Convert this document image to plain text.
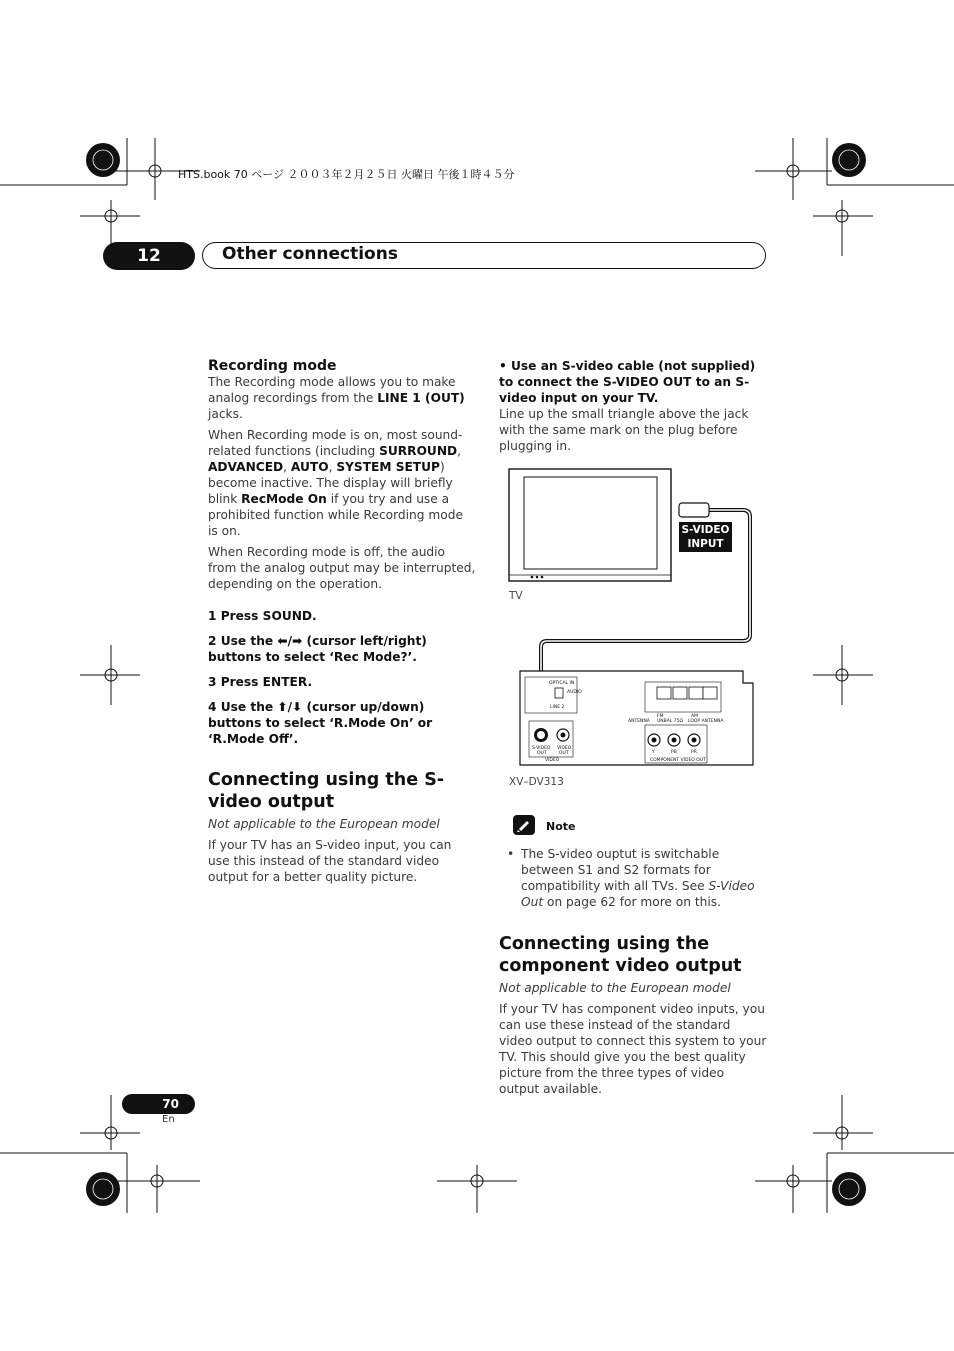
HTS.book 70 ページ ２００３年２月２５日 火曜日 午後１時４５分
12	Other connections
Recording mode

The Recording mode allows you to make analog recordings from the LINE 1 (OUT) jacks.

When Recording mode is on, most sound-related functions (including SURROUND, ADVANCED, AUTO, SYSTEM SETUP) become inactive. The display will briefly blink RecMode On if you try and use a prohibited function while Recording mode is on.

When Recording mode is off, the audio from the analog output may be interrupted, depending on the operation.

1 Press SOUND.
2 Use the ⬅/➡ (cursor left/right) buttons to select ‘Rec Mode?’.
3 Press ENTER.
4 Use the ⬆/⬇ (cursor up/down) buttons to select ‘R.Mode On’ or ‘R.Mode Off’.
Connecting using the S-video output

Not applicable to the European model

If your TV has an S-video input, you can use this instead of the standard video output for a better quality picture.

• Use an S-video cable (not supplied) to connect the S-VIDEO OUT to an S-video input on your TV.

Line up the small triangle above the jack with the same mark on the plug before plugging in.

OPTICAL IN
LINE 2
AUDIO
ANTENNA
FM
UNBAL 75Ω
AM
LOOP ANTENNA
S-VIDEO
OUT
VIDEO
OUT
VIDEO
Y	PB	PR
COMPONENT VIDEO OUT
TV
S-VIDEO
INPUT
XV–DV313
Note
• The S-video ouptut is switchable between S1 and S2 formats for compatibility with all TVs. See S-Video Out on page 62 for more on this.
Connecting using the component video output

Not applicable to the European model

If your TV has component video inputs, you can use these instead of the standard video output to connect this system to your TV. This should give you the best quality picture from the three types of video output available.

70
En
